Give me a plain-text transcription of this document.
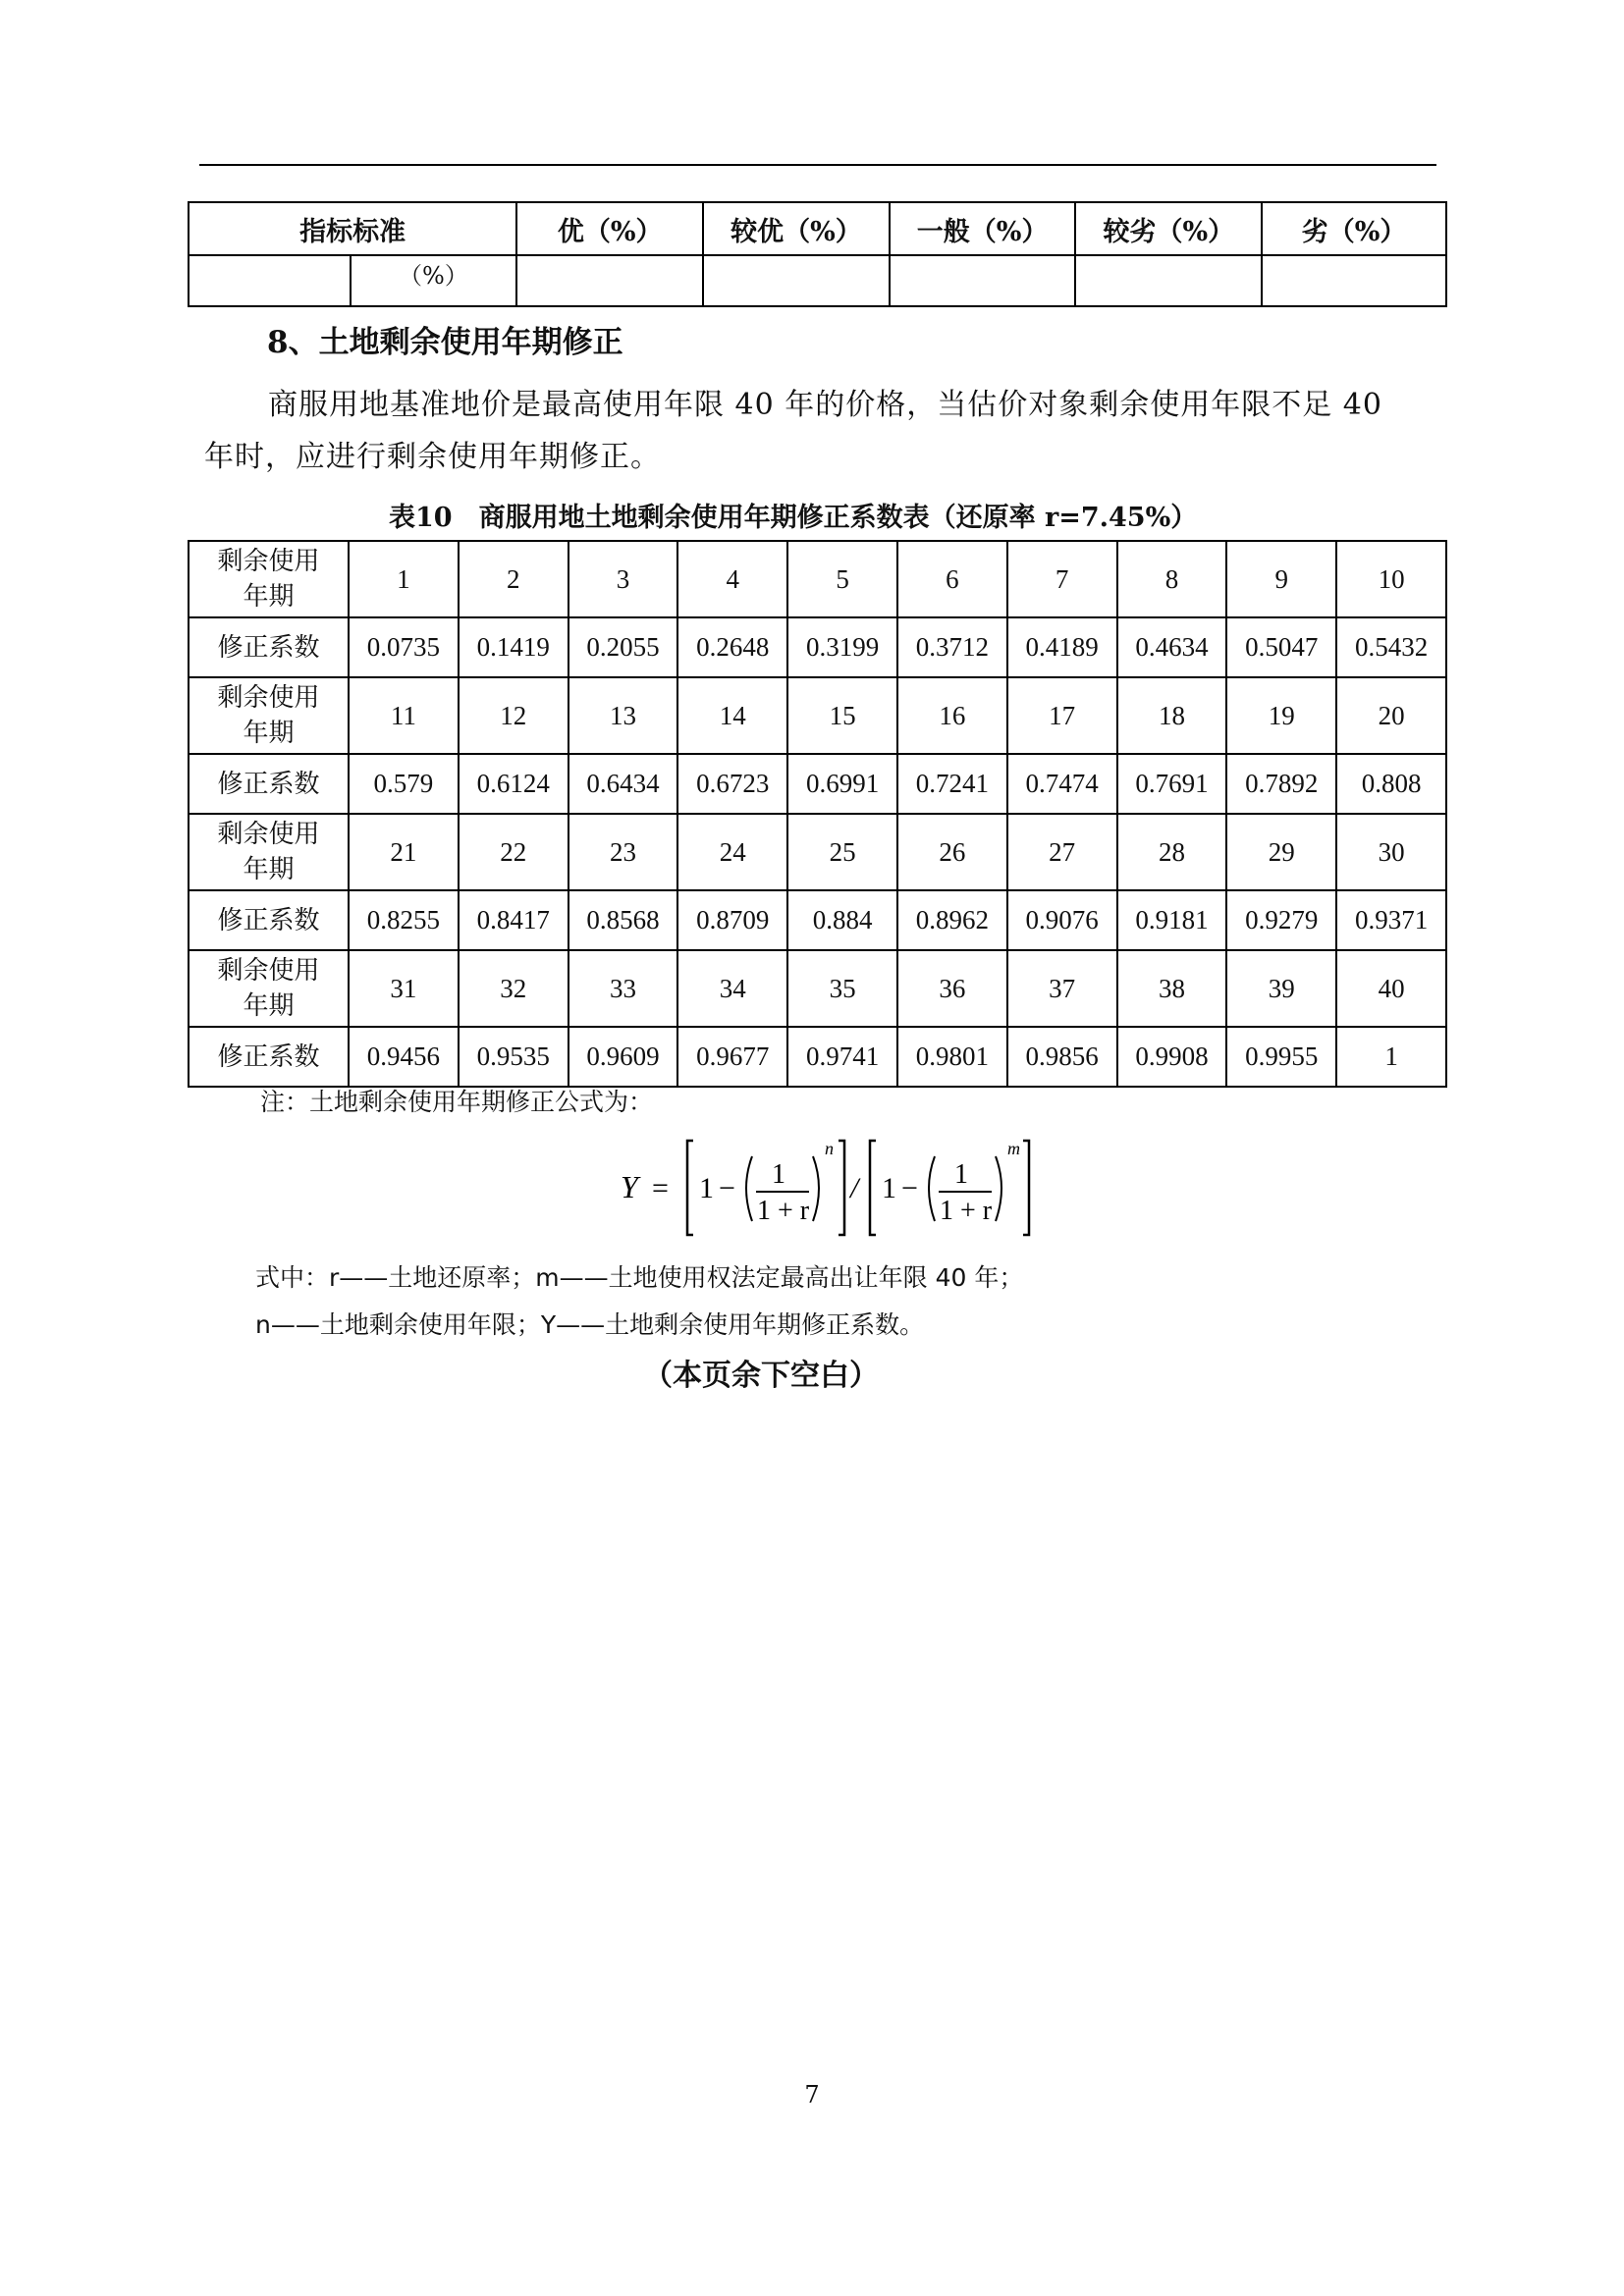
指标标准		优（%）	较优（%）	一般（%）	较劣（%）	劣（%）
	（%）					
8、土地剩余使用年期修正
商服用地基准地价是最高使用年限 40 年的价格，当估价对象剩余使用年限不足 40
年时，应进行剩余使用年期修正。
表10　商服用地土地剩余使用年期修正系数表（还原率 r=7.45%）
剩余使用
年期	1	2	3	4	5	6	7	8	9	10
修正系数	0.0735	0.1419	0.2055	0.2648	0.3199	0.3712	0.4189	0.4634	0.5047	0.5432

剩余使用
年期	11	12	13	14	15	16	17	18	19	20
修正系数	0.579	0.6124	0.6434	0.6723	0.6991	0.7241	0.7474	0.7691	0.7892	0.808

剩余使用
年期	21	22	23	24	25	26	27	28	29	30
修正系数	0.8255	0.8417	0.8568	0.8709	0.884	0.8962	0.9076	0.9181	0.9279	0.9371

剩余使用
年期	31	32	33	34	35	36	37	38	39	40
修正系数	0.9456	0.9535	0.9609	0.9677	0.9741	0.9801	0.9856	0.9908	0.9955	1
注：土地剩余使用年期修正公式为：
Y = 1 − 1
1 + r
n
/ 1 − 1
1 + r
m
式中：r——土地还原率；m——土地使用权法定最高出让年限 40 年；
n——土地剩余使用年限；Y——土地剩余使用年期修正系数。
（本页余下空白）
7
